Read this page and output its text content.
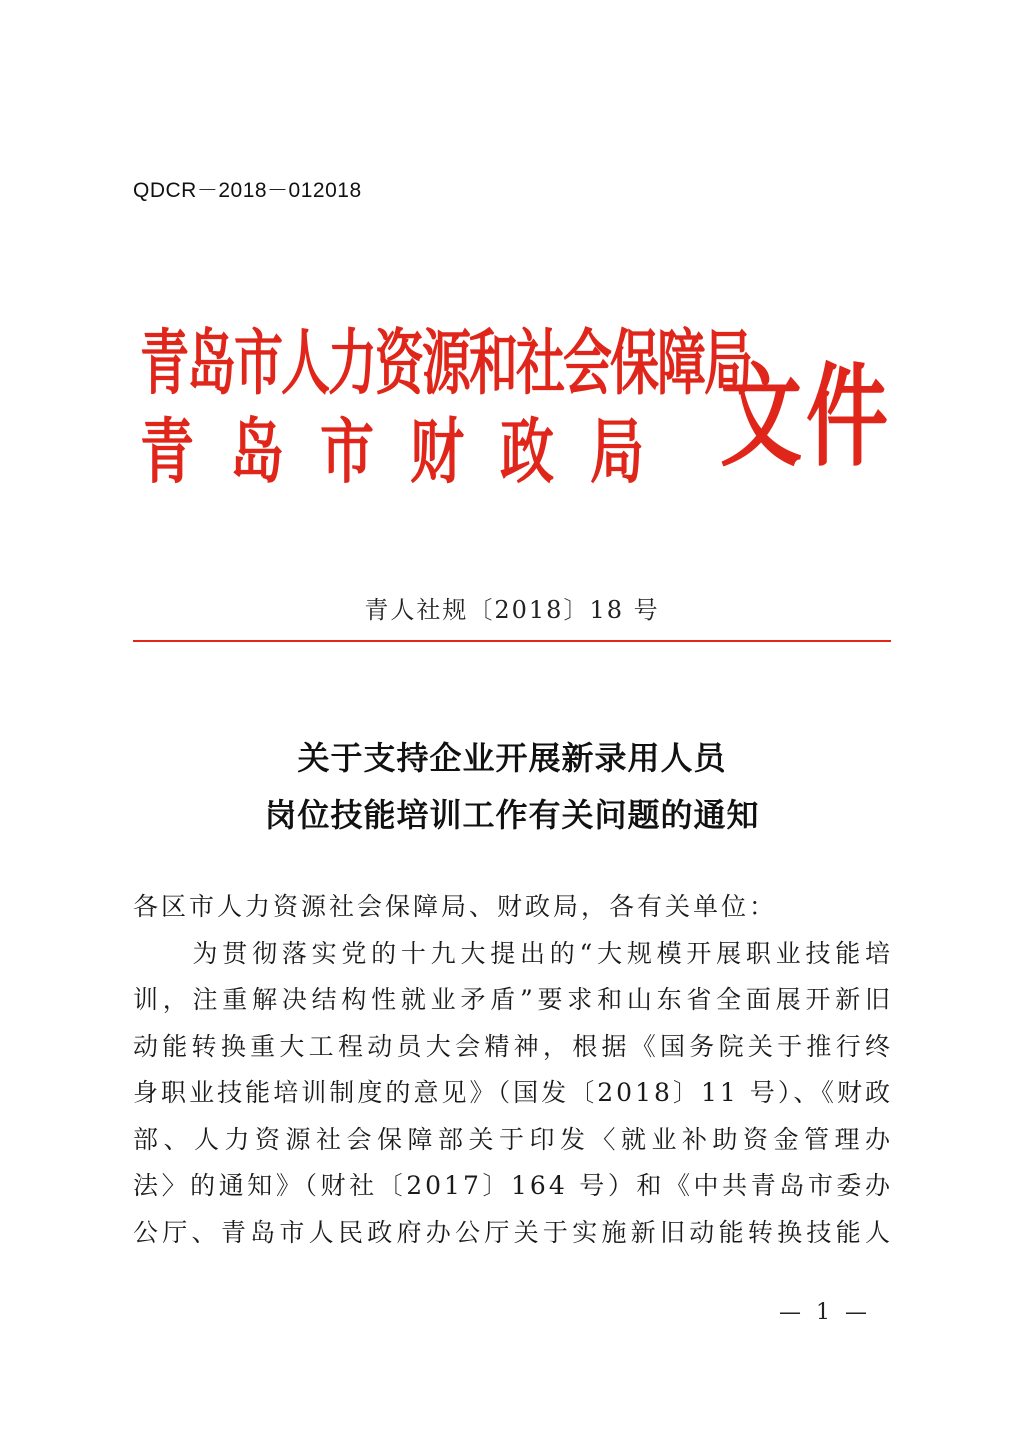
QDCR－2018－012018
青岛市人力资源和社会保障局
青岛市财政局 文件
青人社规〔2018〕18 号
关于支持企业开展新录用人员
岗位技能培训工作有关问题的通知
各区市人力资源社会保障局、财政局，各有关单位：
　　为贯彻落实党的十九大提出的“大规模开展职业技能培
训，注重解决结构性就业矛盾”要求和山东省全面展开新旧
动能转换重大工程动员大会精神，根据《国务院关于推行终
身职业技能培训制度的意见》（国发〔2018〕11 号）、《财政
部、人力资源社会保障部关于印发〈就业补助资金管理办
法〉的通知》（财社〔2017〕164 号）和《中共青岛市委办
公厅、青岛市人民政府办公厅关于实施新旧动能转换技能人
— 1 —
